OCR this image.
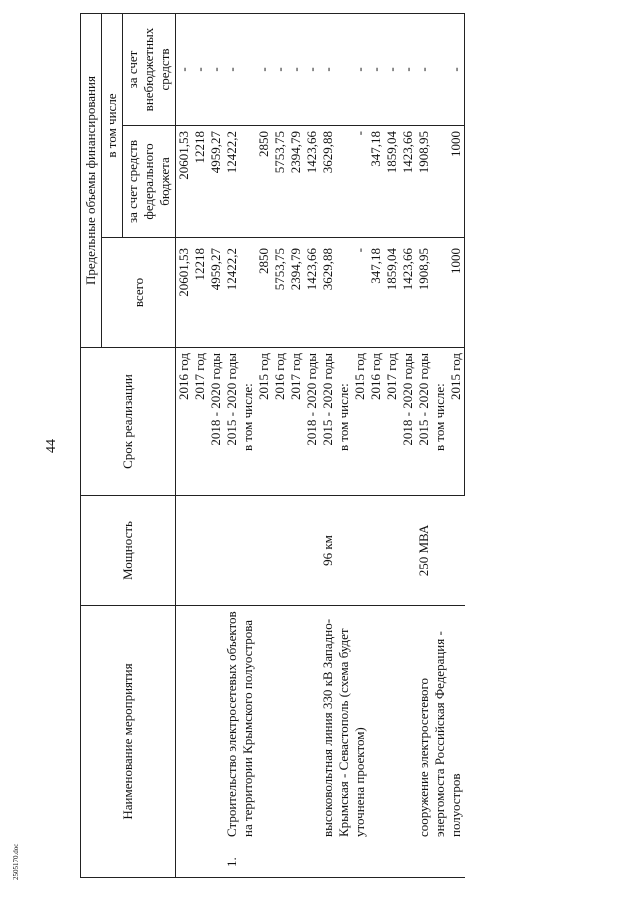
44
2505170.doc
Наименование мероприятия	Мощность	Срок реализации	Предельные объемы финансирования		
			всего	в том числе	
				за счет средств федерального бюджета	за счет внебюджетных средств
		2016 год	20601,53	20601,53	-
		2017 год	12218	12218	-
		2018 - 2020 годы	4959,27	4959,27	-
1.
Строительство электросетевых объектов на территории Крымского полуострова		2015 - 2020 годы	12422,2	12422,2	-
		в том числе:			
		2015 год	2850	2850	-
		2016 год	5753,75	5753,75	-
		2017 год	2394,79	2394,79	-
		2018 - 2020 годы	1423,66	1423,66	-
высоковольтная линия 330 кВ Западно-Крымская - Севастополь (схема будет уточнена проектом)	96 км	2015 - 2020 годы	3629,88	3629,88	-
		в том числе:			
		2015 год	-	-	-
		2016 год	347,18	347,18	-
		2017 год	1859,04	1859,04	-
		2018 - 2020 годы	1423,66	1423,66	-
сооружение электросетевого энергомоста Российская Федерация - полуостров	250 МВА	2015 - 2020 годы	1908,95	1908,95	-
		в том числе:			
		2015 год	1000	1000	-
